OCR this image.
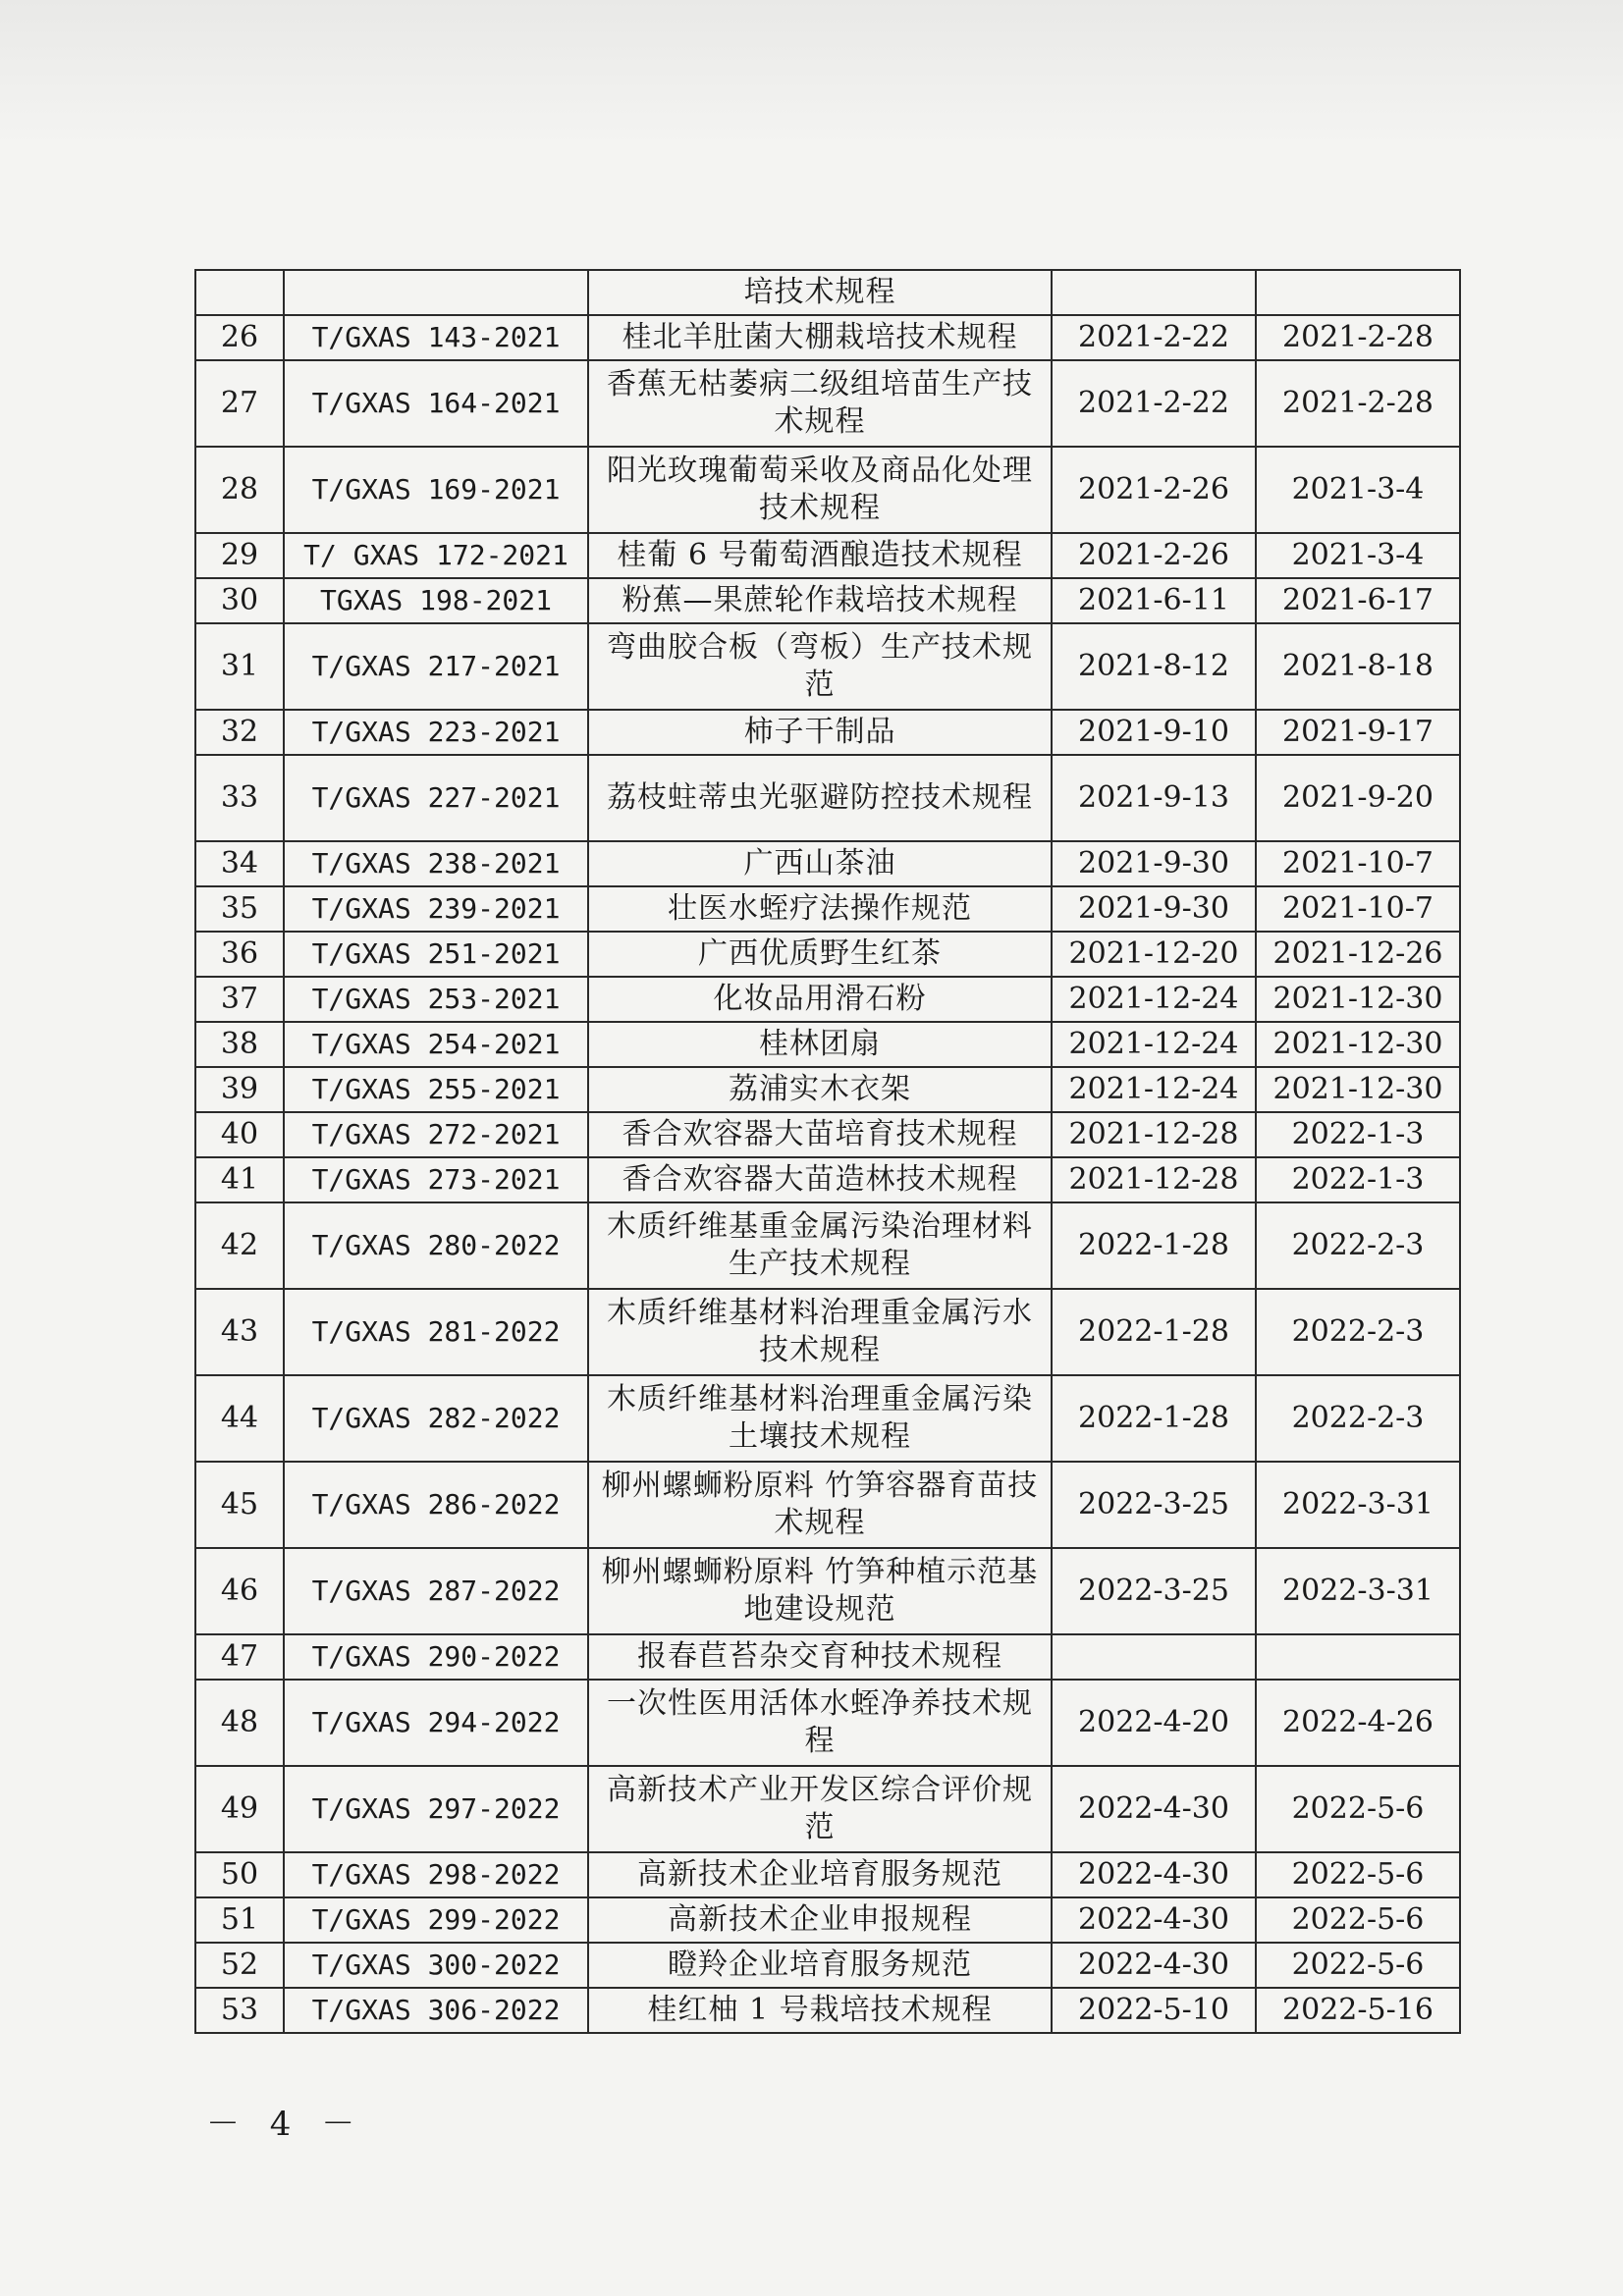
		培技术规程		
26	T/GXAS 143-2021	桂北羊肚菌大棚栽培技术规程	2021-2-22	2021-2-28
27	T/GXAS 164-2021	香蕉无枯萎病二级组培苗生产技术规程	2021-2-22	2021-2-28
28	T/GXAS 169-2021	阳光玫瑰葡萄采收及商品化处理技术规程	2021-2-26	2021-3-4
29	T/ GXAS 172-2021	桂葡 6 号葡萄酒酿造技术规程	2021-2-26	2021-3-4
30	TGXAS 198-2021	粉蕉—果蔗轮作栽培技术规程	2021-6-11	2021-6-17
31	T/GXAS 217-2021	弯曲胶合板（弯板）生产技术规范	2021-8-12	2021-8-18
32	T/GXAS 223-2021	柿子干制品	2021-9-10	2021-9-17
33	T/GXAS 227-2021	荔枝蛀蒂虫光驱避防控技术规程	2021-9-13	2021-9-20
34	T/GXAS 238-2021	广西山茶油	2021-9-30	2021-10-7
35	T/GXAS 239-2021	壮医水蛭疗法操作规范	2021-9-30	2021-10-7
36	T/GXAS 251-2021	广西优质野生红茶	2021-12-20	2021-12-26
37	T/GXAS 253-2021	化妆品用滑石粉	2021-12-24	2021-12-30
38	T/GXAS 254-2021	桂林团扇	2021-12-24	2021-12-30
39	T/GXAS 255-2021	荔浦实木衣架	2021-12-24	2021-12-30
40	T/GXAS 272-2021	香合欢容器大苗培育技术规程	2021-12-28	2022-1-3
41	T/GXAS 273-2021	香合欢容器大苗造林技术规程	2021-12-28	2022-1-3
42	T/GXAS 280-2022	木质纤维基重金属污染治理材料生产技术规程	2022-1-28	2022-2-3
43	T/GXAS 281-2022	木质纤维基材料治理重金属污水技术规程	2022-1-28	2022-2-3
44	T/GXAS 282-2022	木质纤维基材料治理重金属污染土壤技术规程	2022-1-28	2022-2-3
45	T/GXAS 286-2022	柳州螺蛳粉原料 竹笋容器育苗技术规程	2022-3-25	2022-3-31
46	T/GXAS 287-2022	柳州螺蛳粉原料 竹笋种植示范基地建设规范	2022-3-25	2022-3-31
47	T/GXAS 290-2022	报春苣苔杂交育种技术规程		
48	T/GXAS 294-2022	一次性医用活体水蛭净养技术规程	2022-4-20	2022-4-26
49	T/GXAS 297-2022	高新技术产业开发区综合评价规范	2022-4-30	2022-5-6
50	T/GXAS 298-2022	高新技术企业培育服务规范	2022-4-30	2022-5-6
51	T/GXAS 299-2022	高新技术企业申报规程	2022-4-30	2022-5-6
52	T/GXAS 300-2022	瞪羚企业培育服务规范	2022-4-30	2022-5-6
53	T/GXAS 306-2022	桂红柚 1 号栽培技术规程	2022-5-10	2022-5-16
－ 4 －
